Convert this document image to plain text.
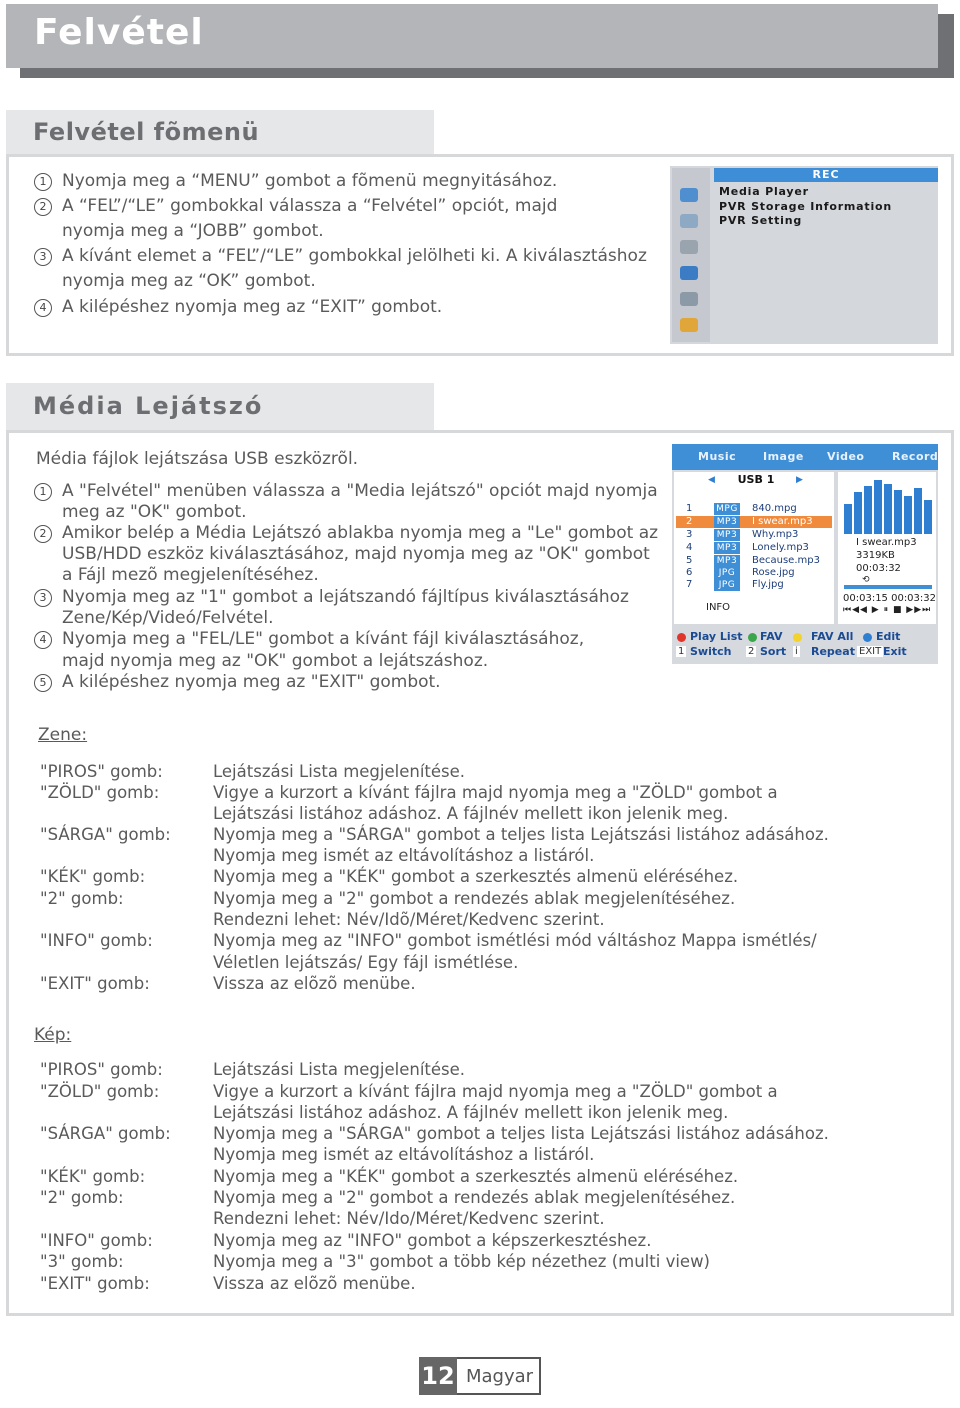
Felvétel
Felvétel fõmenü
1 Nyomja meg a “MENU” gombot a fõmenü megnyitásához.
2 A “FEL”/“LE” gombokkal válassza a “Felvétel” opciót, majd
nyomja meg a “JOBB” gombot.
3 A kívánt elemet a “FEL”/“LE” gombokkal jelölheti ki. A kiválasztáshoz
nyomja meg az “OK” gombot.
4 A kilépéshez nyomja meg az “EXIT” gombot.
REC
Media Player
PVR Storage Information
PVR Setting
Média Lejátszó
Média fájlok lejátszása USB eszközrõl.
1 A "Felvétel" menüben válassza a "Media lejátszó" opciót majd nyomja
meg az "OK" gombot.
2 Amikor belép a Média Lejátszó ablakba nyomja meg a "Le" gombot az
USB/HDD eszköz kiválasztásához, majd nyomja meg az "OK" gombot
a Fájl mezõ megjelenítéséhez.
3 Nyomja meg az "1" gombot a lejátszandó fájltípus kiválasztásához
Zene/Kép/Videó/Felvétel.
4 Nyomja meg a "FEL/LE" gombot a kívánt fájl kiválasztásához,
majd nyomja meg az "OK" gombot a lejátszáshoz.
5 A kilépéshez nyomja meg az "EXIT" gombot.
Music Image Video	Record
◀	USB 1	▶
1	MPG 840.mpg
2	MP3 I swear.mp3
3	MP3 Why.mp3
4	MP3 Lonely.mp3
5	MP3 Because.mp3
6	JPG	Rose.jpg
7	JPG	Fly.jpg
INFO
I swear.mp3
3319KB
00:03:32
⟲
00:03:15 00:03:32
⏮◀◀ ▶ ⏸ ■ ▶▶⏭
Play List FAV	FAV All Edit
1 Switch 2 Sort i Repeat EXIT Exit
Zene:
"PIROS" gomb:	Lejátszási Lista megjelenítése.
"ZÖLD" gomb:	Vigye a kurzort a kívánt fájlra majd nyomja meg a "ZÖLD" gombot a
Lejátszási listához adáshoz. A fájlnév mellett ikon jelenik meg.
"SÁRGA" gomb:	Nyomja meg a "SÁRGA" gombot a teljes lista Lejátszási listához adásához.
Nyomja meg ismét az eltávolításhoz a listáról.
"KÉK" gomb:	Nyomja meg a "KÉK" gombot a szerkesztés almenü eléréséhez.
"2" gomb:	Nyomja meg a "2" gombot a rendezés ablak megjelenítéséhez.
Rendezni lehet: Név/Idõ/Méret/Kedvenc szerint.
"INFO" gomb:	Nyomja meg az "INFO" gombot ismétlési mód váltáshoz Mappa ismétlés/
Véletlen lejátszás/ Egy fájl ismétlése.
"EXIT" gomb:	Vissza az elõzõ menübe.
Kép:
"PIROS" gomb:	Lejátszási Lista megjelenítése.
"ZÖLD" gomb:	Vigye a kurzort a kívánt fájlra majd nyomja meg a "ZÖLD" gombot a
Lejátszási listához adáshoz. A fájlnév mellett ikon jelenik meg.
"SÁRGA" gomb:	Nyomja meg a "SÁRGA" gombot a teljes lista Lejátszási listához adásához.
Nyomja meg ismét az eltávolításhoz a listáról.
"KÉK" gomb:	Nyomja meg a "KÉK" gombot a szerkesztés almenü eléréséhez.
"2" gomb:	Nyomja meg a "2" gombot a rendezés ablak megjelenítéséhez.
Rendezni lehet: Név/Ido/Méret/Kedvenc szerint.
"INFO" gomb:	Nyomja meg az "INFO" gombot a képszerkesztéshez.
"3" gomb:	Nyomja meg a "3" gombot a több kép nézethez (multi view)
"EXIT" gomb:	Vissza az elõzõ menübe.
12 Magyar
